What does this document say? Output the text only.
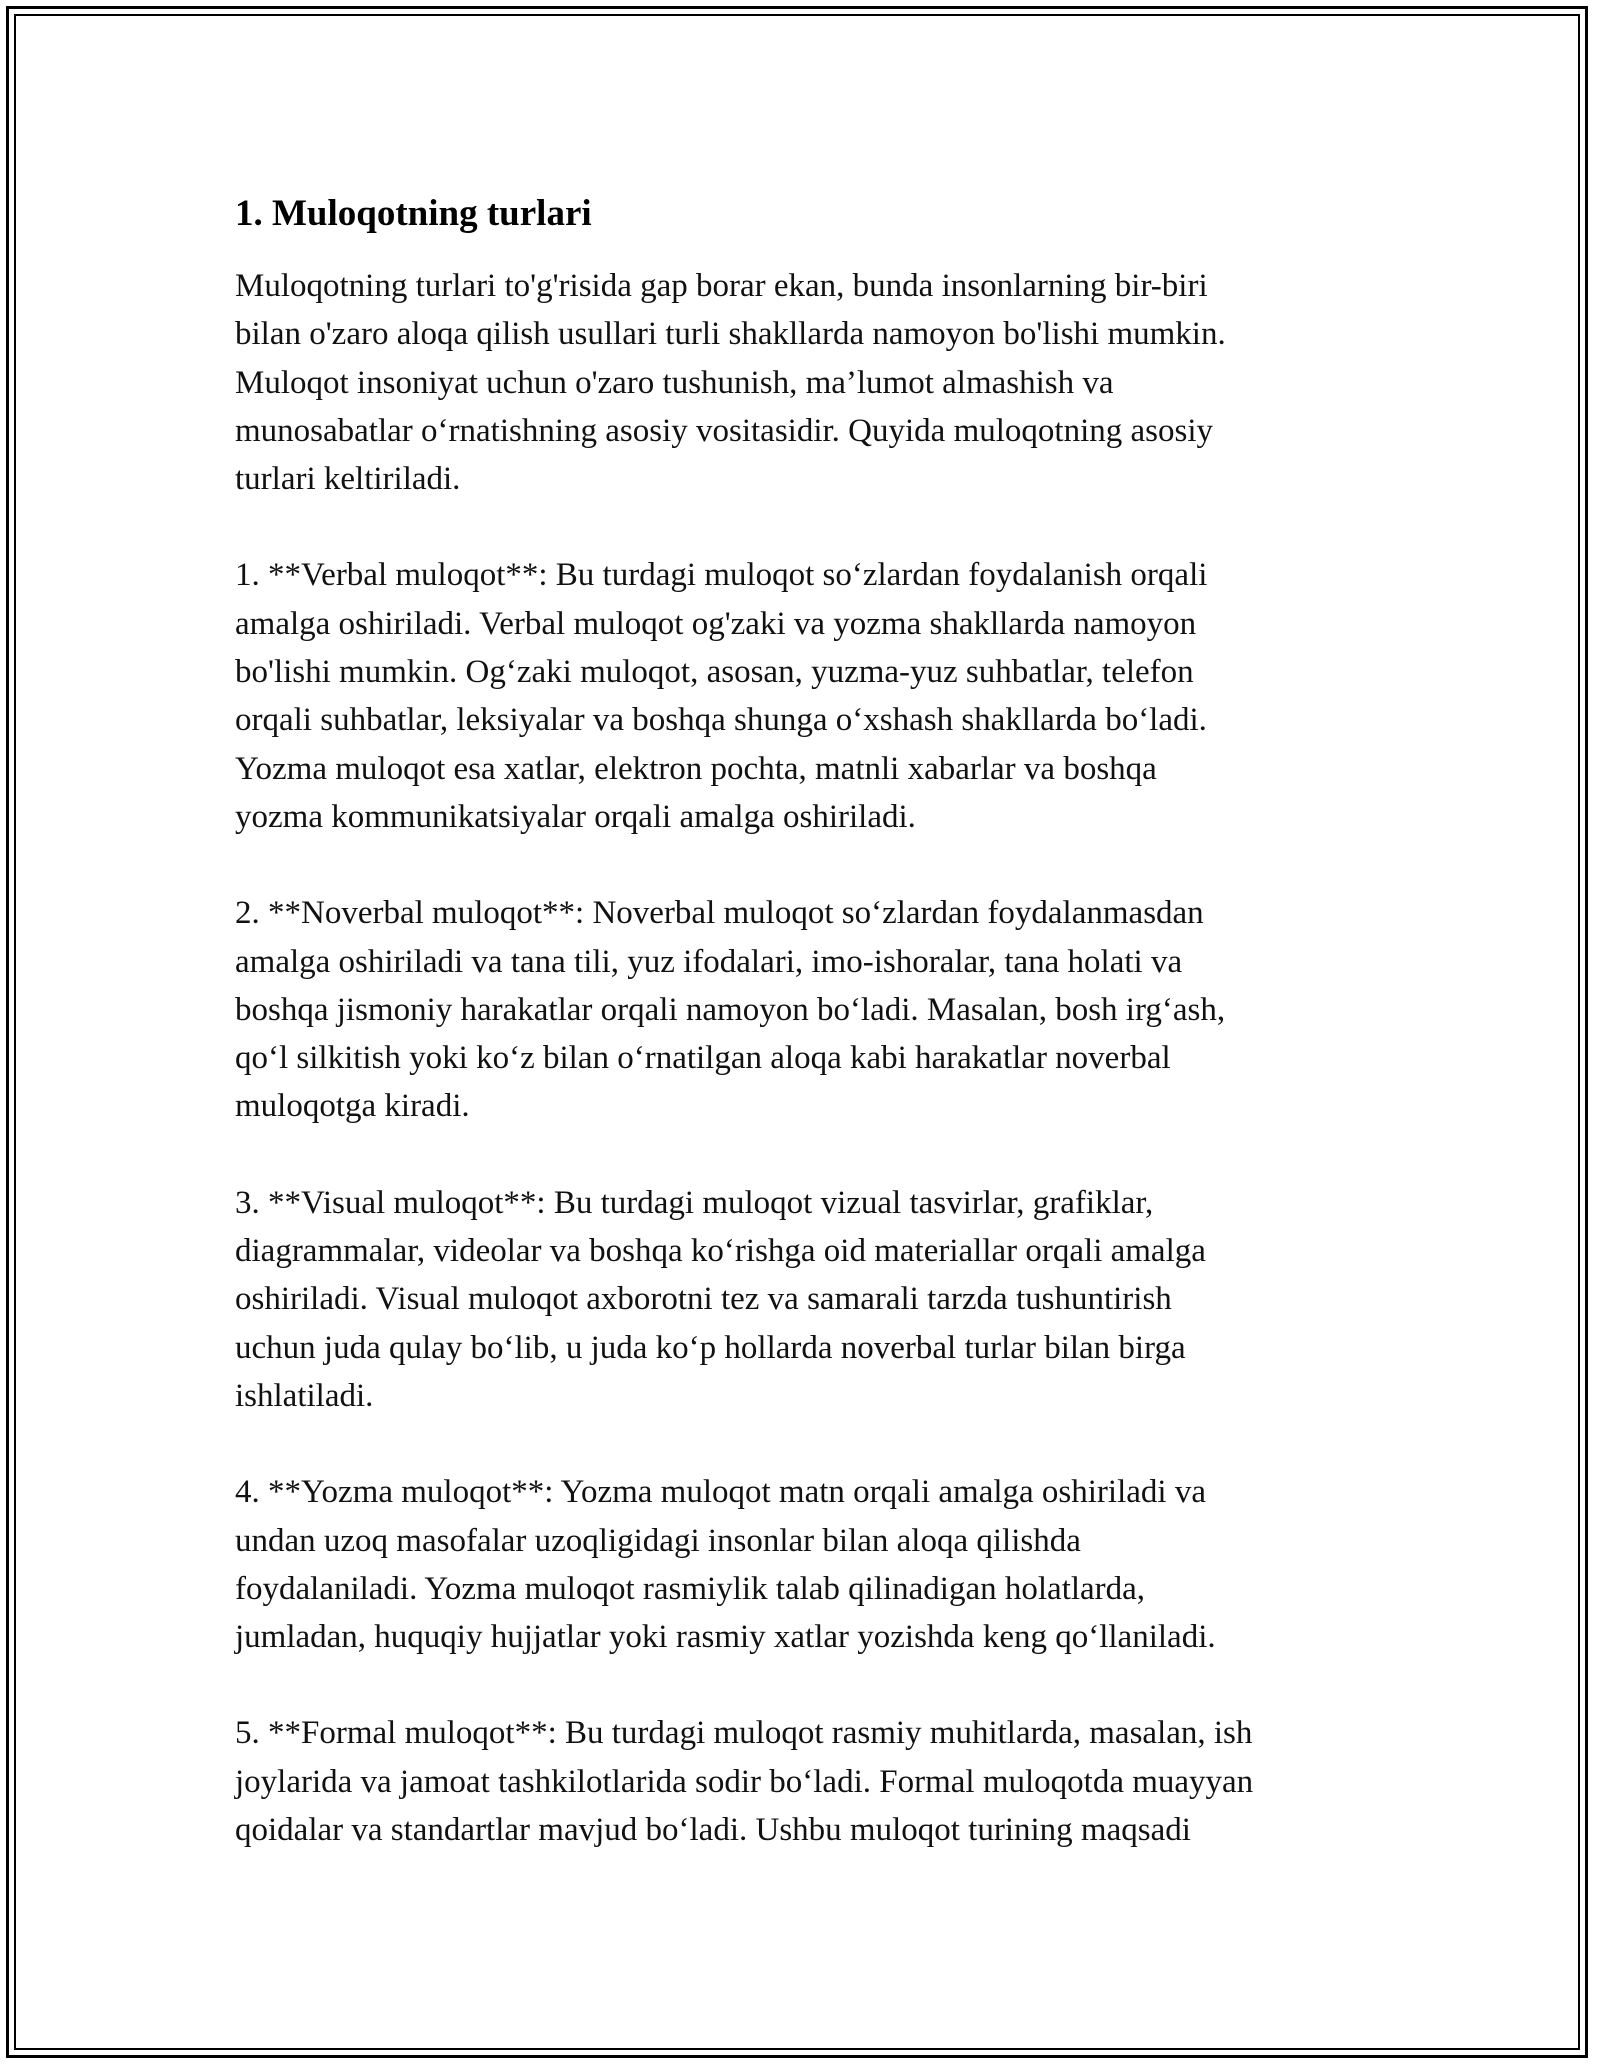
1. Muloqotning turlari

Muloqotning turlari to'g'risida gap borar ekan, bunda insonlarning bir-biri
bilan o'zaro aloqa qilish usullari turli shakllarda namoyon bo'lishi mumkin.
Muloqot insoniyat uchun o'zaro tushunish, ma’lumot almashish va
munosabatlar o‘rnatishning asosiy vositasidir. Quyida muloqotning asosiy
turlari keltiriladi.

1. **Verbal muloqot**: Bu turdagi muloqot so‘zlardan foydalanish orqali
amalga oshiriladi. Verbal muloqot og'zaki va yozma shakllarda namoyon
bo'lishi mumkin. Og‘zaki muloqot, asosan, yuzma-yuz suhbatlar, telefon
orqali suhbatlar, leksiyalar va boshqa shunga o‘xshash shakllarda bo‘ladi.
Yozma muloqot esa xatlar, elektron pochta, matnli xabarlar va boshqa
yozma kommunikatsiyalar orqali amalga oshiriladi.

2. **Noverbal muloqot**: Noverbal muloqot so‘zlardan foydalanmasdan
amalga oshiriladi va tana tili, yuz ifodalari, imo-ishoralar, tana holati va
boshqa jismoniy harakatlar orqali namoyon bo‘ladi. Masalan, bosh irg‘ash,
qo‘l silkitish yoki ko‘z bilan o‘rnatilgan aloqa kabi harakatlar noverbal
muloqotga kiradi.

3. **Visual muloqot**: Bu turdagi muloqot vizual tasvirlar, grafiklar,
diagrammalar, videolar va boshqa ko‘rishga oid materiallar orqali amalga
oshiriladi. Visual muloqot axborotni tez va samarali tarzda tushuntirish
uchun juda qulay bo‘lib, u juda ko‘p hollarda noverbal turlar bilan birga
ishlatiladi.

4. **Yozma muloqot**: Yozma muloqot matn orqali amalga oshiriladi va
undan uzoq masofalar uzoqligidagi insonlar bilan aloqa qilishda
foydalaniladi. Yozma muloqot rasmiylik talab qilinadigan holatlarda,
jumladan, huquqiy hujjatlar yoki rasmiy xatlar yozishda keng qo‘llaniladi.

5. **Formal muloqot**: Bu turdagi muloqot rasmiy muhitlarda, masalan, ish
joylarida va jamoat tashkilotlarida sodir bo‘ladi. Formal muloqotda muayyan
qoidalar va standartlar mavjud bo‘ladi. Ushbu muloqot turining maqsadi
